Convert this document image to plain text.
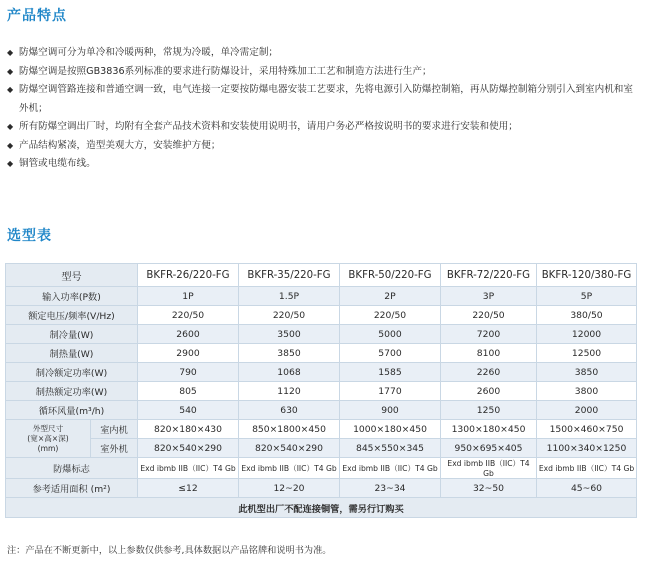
产品特点
◆ 防爆空调可分为单冷和冷暖两种，常规为冷暖，单冷需定制；
◆ 防爆空调是按照GB3836系列标准的要求进行防爆设计，采用特殊加工工艺和制造方法进行生产；
◆ 防爆空调管路连接和普通空调一致，电气连接一定要按防爆电器安装工艺要求，先将电源引入防爆控制箱，再从防爆控制箱分别引入到室内机和室外机；
◆ 所有防爆空调出厂时，均附有全套产品技术资料和安装使用说明书，请用户务必严格按说明书的要求进行安装和使用；
◆ 产品结构紧凑，造型美观大方，安装维护方便；
◆ 铜管或电缆布线。
选型表
型号		BKFR-26/220-FG	BKFR-35/220-FG	BKFR-50/220-FG	BKFR-72/220-FG	BKFR-120/380-FG
输入功率(P数)		1P	1.5P	2P	3P	5P
额定电压/频率(V/Hz)		220/50	220/50	220/50	220/50	380/50
制冷量(W)		2600	3500	5000	7200	12000
制热量(W)		2900	3850	5700	8100	12500
制冷额定功率(W)		790	1068	1585	2260	3850
制热额定功率(W)		805	1120	1770	2600	3800
循环风量(m³/h)		540	630	900	1250	2000

外型尺寸
(宽×高×深)
(mm)	室内机	820×180×430	850×1800×450	1000×180×450	1300×180×450	1500×460×750
	室外机	820×540×290	820×540×290	845×550×345	950×695×405	1100×340×1250
防爆标志		Exd ibmb IIB（IIC）T4 Gb	Exd ibmb IIB（IIC）T4 Gb	Exd ibmb IIB（IIC）T4 Gb	Exd ibmb IIB（IIC）T4 Gb	Exd ibmb IIB（IIC）T4 Gb
参考适用面积 (m²)		≤12	12~20	23~34	32~50	45~60
此机型出厂不配连接铜管，需另行订购买						
注：产品在不断更新中，以上参数仅供参考,具体数据以产品铭牌和说明书为准。
